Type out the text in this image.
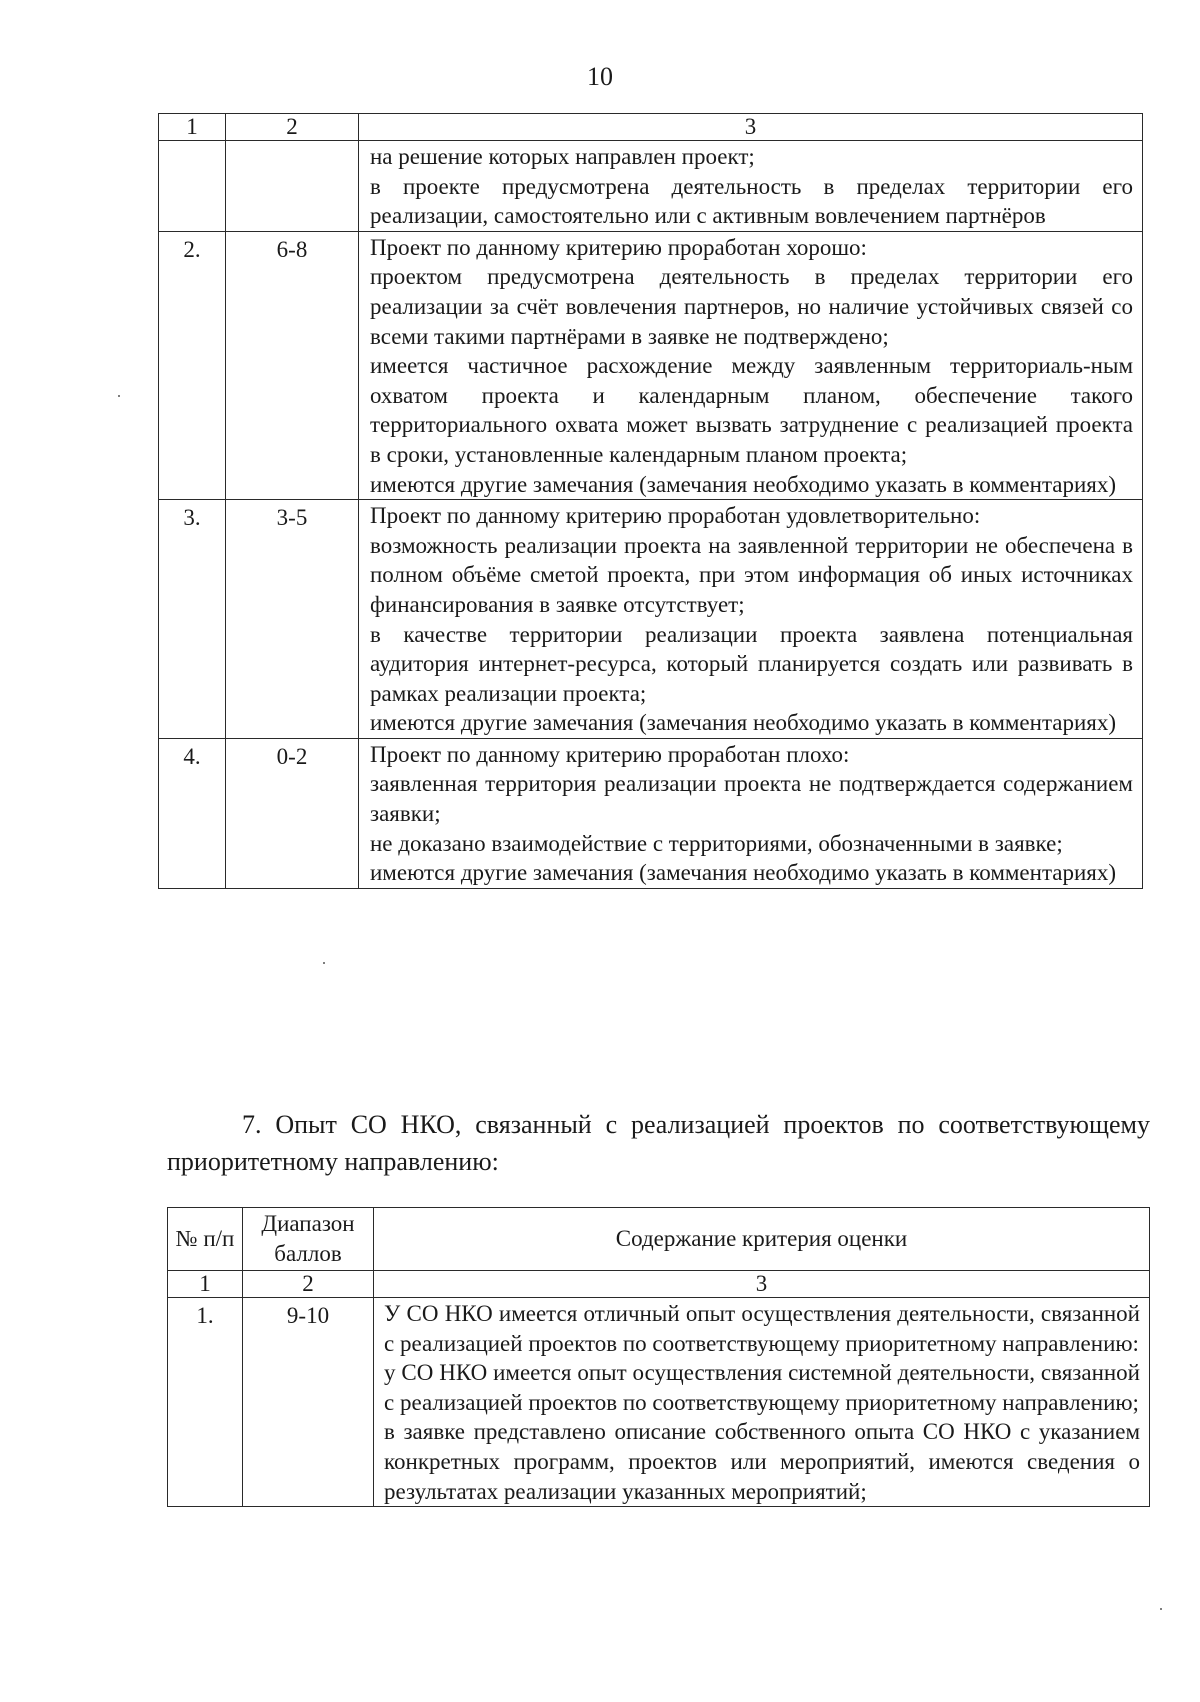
10
1	2	3

		на решение которых направлен проект;
в проекте предусмотрена деятельность в пределах территории его реализации, самостоятельно или с активным вовлечением партнёров

2.	6-8	Проект по данному критерию проработан хорошо:
проектом предусмотрена деятельность в пределах территории его реализации за счёт вовлечения партнеров, но наличие устойчивых связей со всеми такими партнёрами в заявке не подтверждено;
имеется частичное расхождение между заявленным территориаль-ным охватом проекта и календарным планом, обеспечение такого территориального охвата может вызвать затруднение с реализацией проекта в сроки, установленные календарным планом проекта;
имеются другие замечания (замечания необходимо указать в комментариях)

3.	3-5	Проект по данному критерию проработан удовлетворительно:
возможность реализации проекта на заявленной территории не обеспечена в полном объёме сметой проекта, при этом информация об иных источниках финансирования в заявке отсутствует;
в качестве территории реализации проекта заявлена потенциальная аудитория интернет-ресурса, который планируется создать или развивать в рамках реализации проекта;
имеются другие замечания (замечания необходимо указать в комментариях)

4.	0-2	Проект по данному критерию проработан плохо:
заявленная территория реализации проекта не подтверждается содержанием заявки;
не доказано взаимодействие с территориями, обозначенными в заявке;
имеются другие замечания (замечания необходимо указать в комментариях)
7. Опыт СО НКО, связанный с реализацией проектов по соответствующему приоритетному направлению:
№ п/п	Диапазон баллов	Содержание критерия оценки
1	2	3
1.	9-10	У СО НКО имеется отличный опыт осуществления деятельности, связанной с реализацией проектов по соответствующему приоритетному направлению:
у СО НКО имеется опыт осуществления системной деятельности, связанной с реализацией проектов по соответствующему приоритетному направлению;
в заявке представлено описание собственного опыта СО НКО с указанием конкретных программ, проектов или мероприятий, имеются сведения о результатах реализации указанных мероприятий;
